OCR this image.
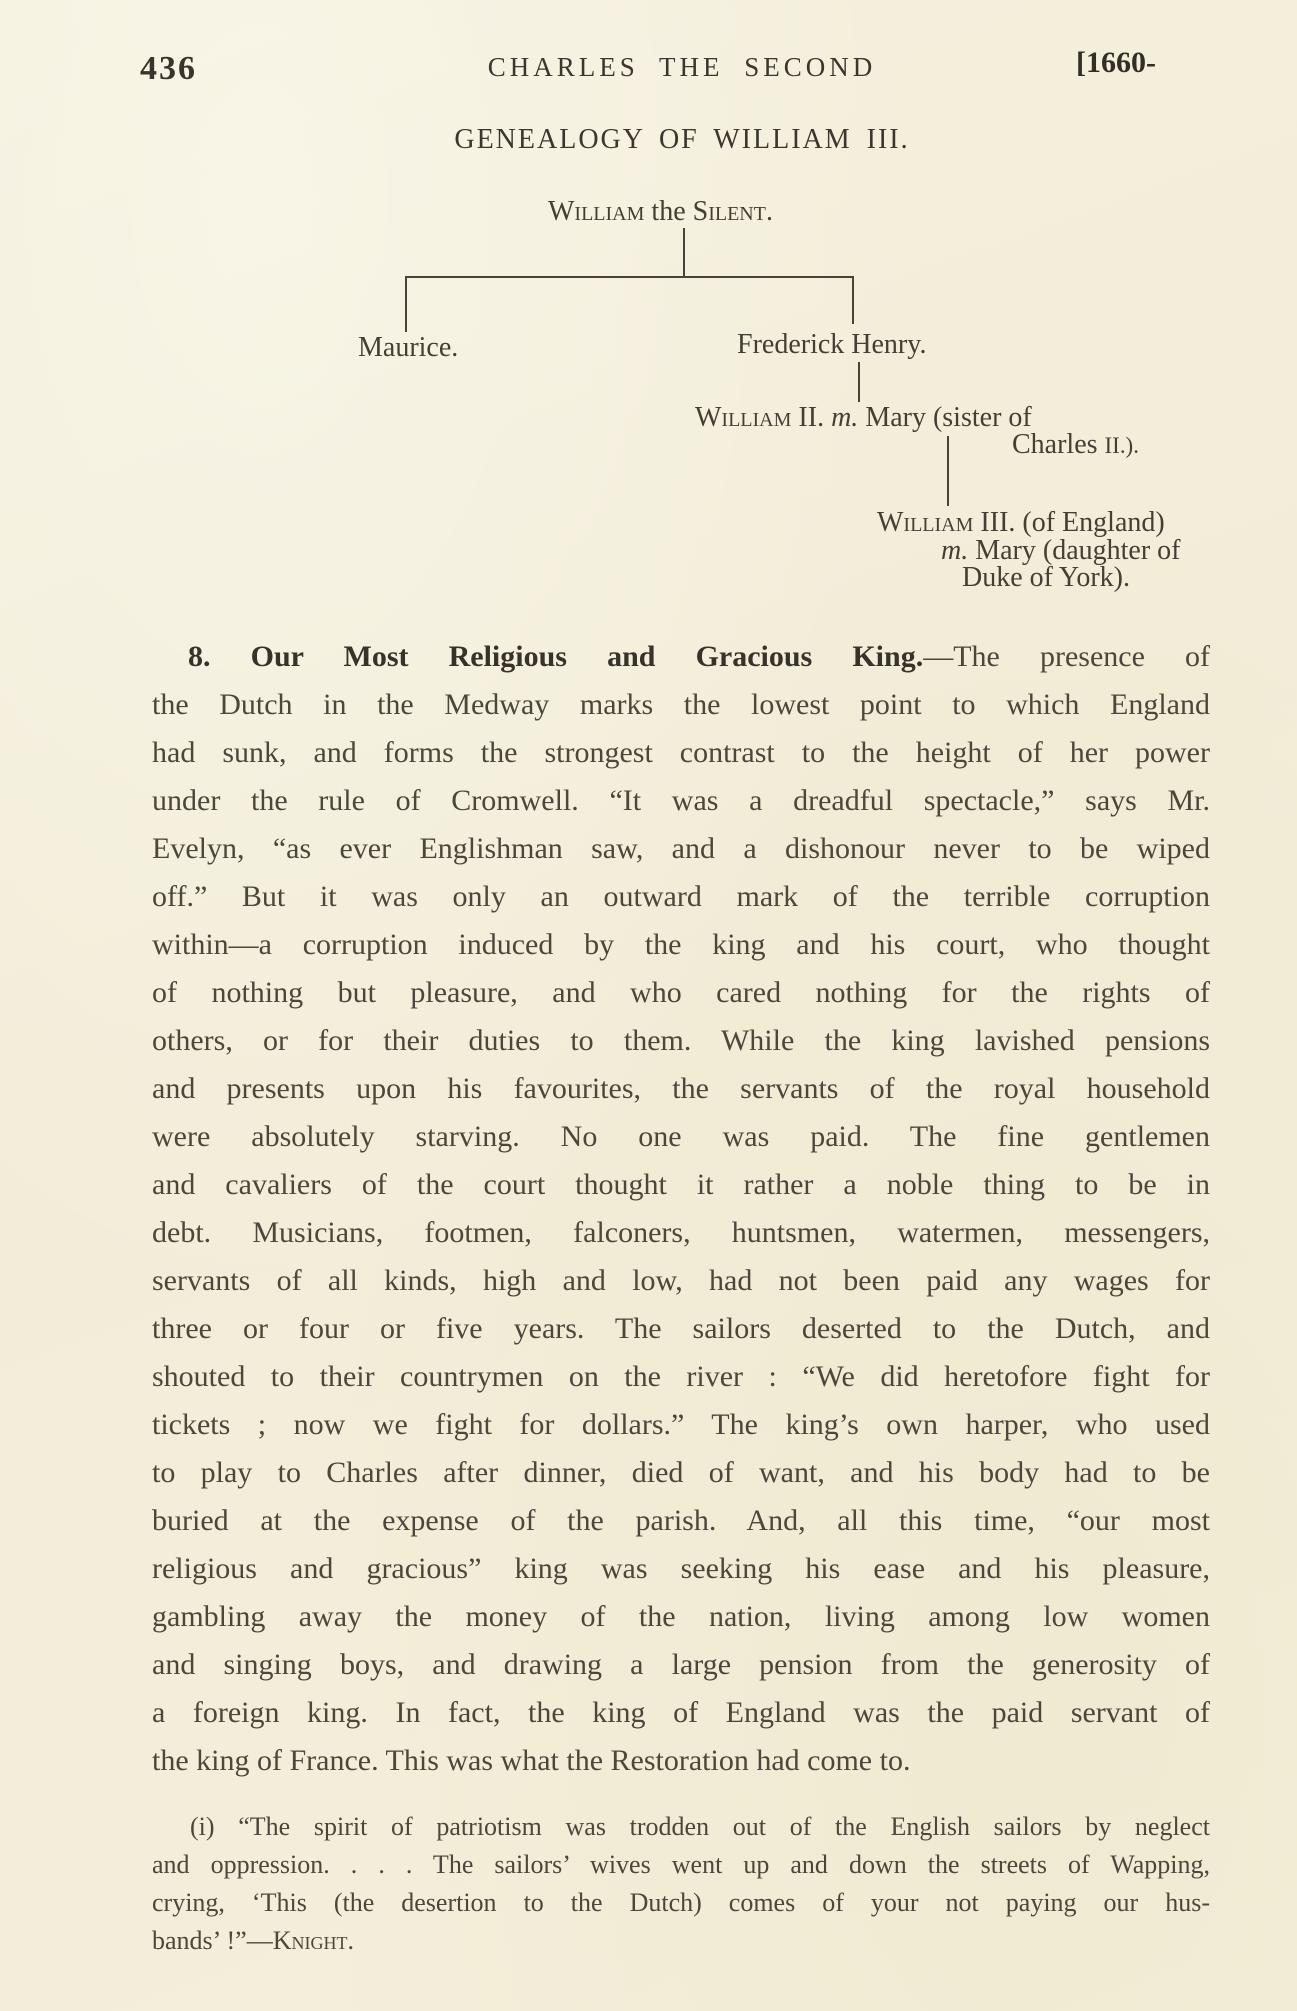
436	CHARLES THE SECOND	[1660-
GENEALOGY OF WILLIAM III.
William the Silent.
Maurice.	Frederick Henry.
William II. m. Mary (sister of
Charles II.).
William III. (of England)
m. Mary (daughter of
Duke of York).
8. Our Most Religious and Gracious King.—The presence of
the Dutch in the Medway marks the lowest point to which England
had sunk, and forms the strongest contrast to the height of her power
under the rule of Cromwell. “It was a dreadful spectacle,” says Mr.
Evelyn, “as ever Englishman saw, and a dishonour never to be wiped
off.” But it was only an outward mark of the terrible corruption
within—a corruption induced by the king and his court, who thought
of nothing but pleasure, and who cared nothing for the rights of
others, or for their duties to them. While the king lavished pensions
and presents upon his favourites, the servants of the royal household
were absolutely starving. No one was paid. The fine gentlemen
and cavaliers of the court thought it rather a noble thing to be in
debt. Musicians, footmen, falconers, huntsmen, watermen, messengers,
servants of all kinds, high and low, had not been paid any wages for
three or four or five years. The sailors deserted to the Dutch, and
shouted to their countrymen on the river : “We did heretofore fight for
tickets ; now we fight for dollars.” The king’s own harper, who used
to play to Charles after dinner, died of want, and his body had to be
buried at the expense of the parish. And, all this time, “our most
religious and gracious” king was seeking his ease and his pleasure,
gambling away the money of the nation, living among low women
and singing boys, and drawing a large pension from the generosity of
a foreign king. In fact, the king of England was the paid servant of
the king of France. This was what the Restoration had come to.
(i) “The spirit of patriotism was trodden out of the English sailors by neglect
and oppression. . . . The sailors’ wives went up and down the streets of Wapping,
crying, ‘This (the desertion to the Dutch) comes of your not paying our hus-
bands’ !”—Knight.
